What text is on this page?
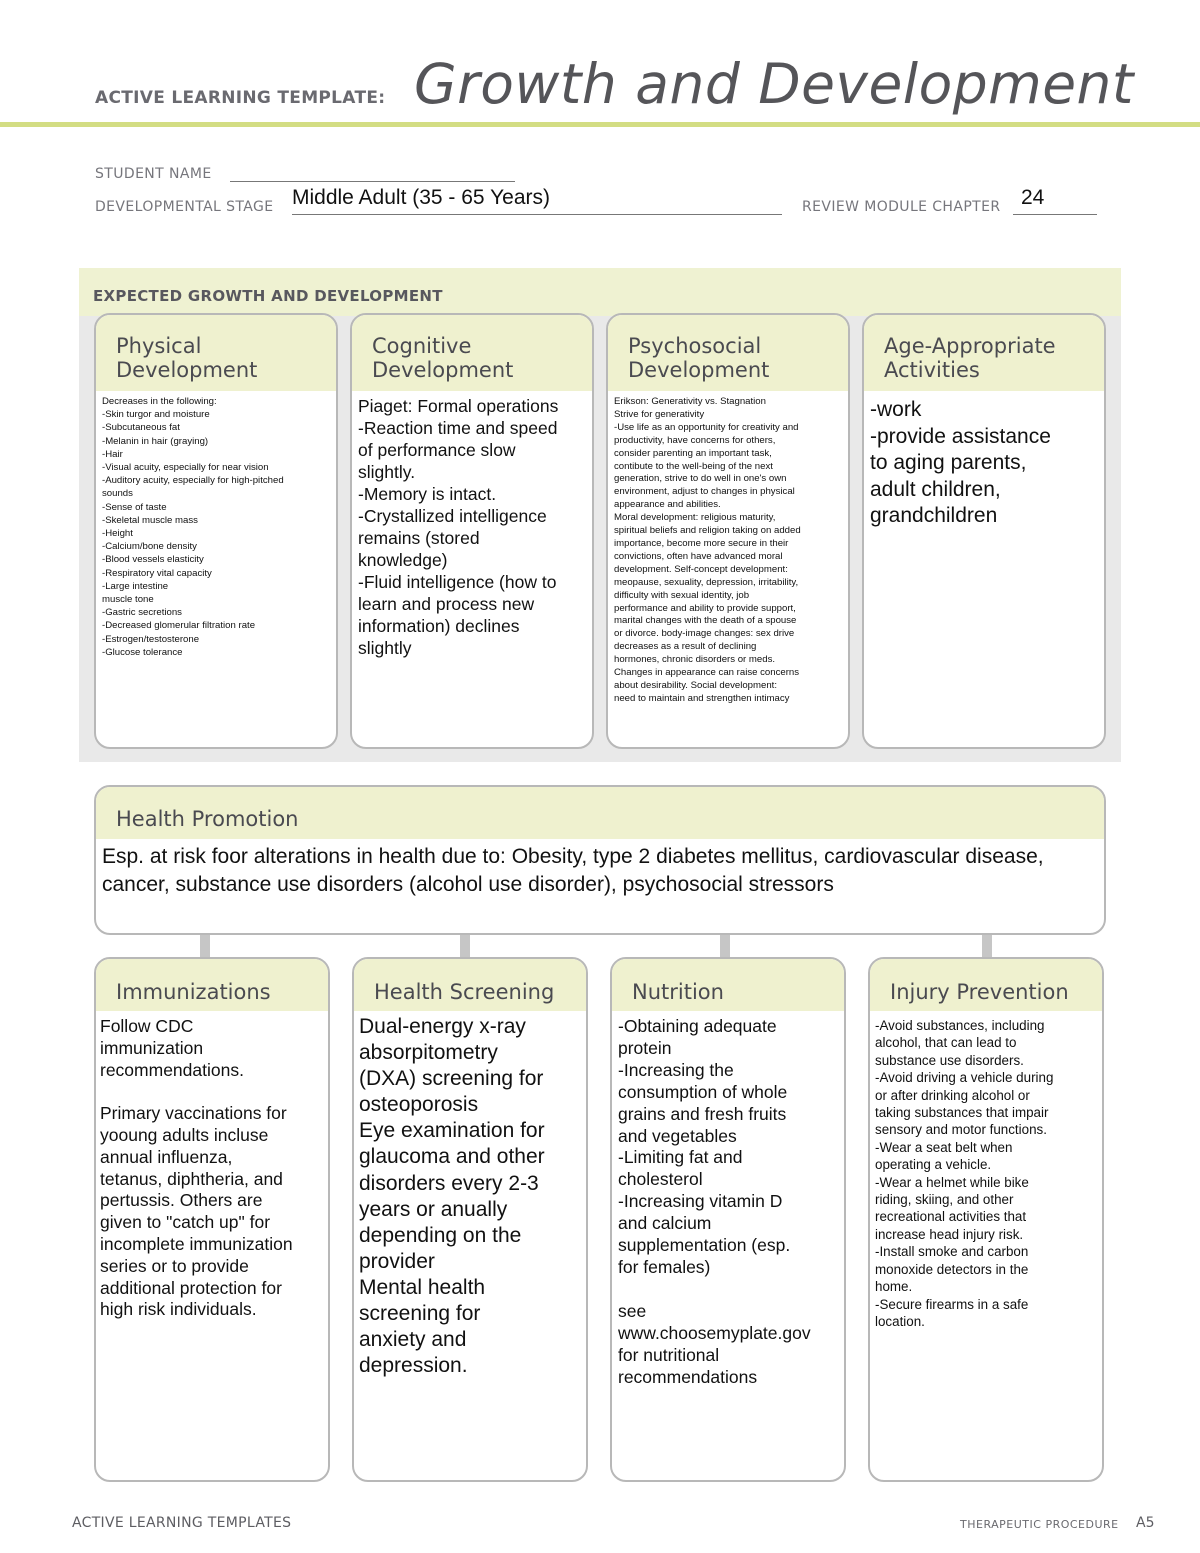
ACTIVE LEARNING TEMPLATE: Growth and Development
STUDENT NAME
DEVELOPMENTAL STAGE Middle Adult (35 - 65 Years)	REVIEW MODULE CHAPTER 24
EXPECTED GROWTH AND DEVELOPMENT
Physical
Development
Decreases in the following:
-Skin turgor and moisture
-Subcutaneous fat
-Melanin in hair (graying)
-Hair
-Visual acuity, especially for near vision
-Auditory acuity, especially for high-pitched
sounds
-Sense of taste
-Skeletal muscle mass
-Height
-Calcium/bone density
-Blood vessels elasticity
-Respiratory vital capacity
-Large intestine
muscle tone
-Gastric secretions
-Decreased glomerular filtration rate
-Estrogen/testosterone
-Glucose tolerance
Cognitive
Development
Piaget: Formal operations
-Reaction time and speed
of performance slow
slightly.
-Memory is intact.
-Crystallized intelligence
remains (stored
knowledge)
-Fluid intelligence (how to
learn and process new
information) declines
slightly
Psychosocial
Development
Erikson: Generativity vs. Stagnation
Strive for generativity
-Use life as an opportunity for creativity and
productivity, have concerns for others,
consider parenting an important task,
contibute to the well-being of the next
generation, strive to do well in one's own
environment, adjust to changes in physical
appearance and abilities.
Moral development: religious maturity,
spiritual beliefs and religion taking on added
importance, become more secure in their
convictions, often have advanced moral
development. Self-concept development:
meopause, sexuality, depression, irritability,
difficulty with sexual identity, job
performance and ability to provide support,
marital changes with the death of a spouse
or divorce. body-image changes: sex drive
decreases as a result of declining
hormones, chronic disorders or meds.
Changes in appearance can raise concerns
about desirability. Social development:
need to maintain and strengthen intimacy
Age-Appropriate
Activities
-work
-provide assistance
to aging parents,
adult children,
grandchildren
Health Promotion
Esp. at risk foor alterations in health due to: Obesity, type 2 diabetes mellitus, cardiovascular disease, cancer, substance use disorders (alcohol use disorder), psychosocial stressors
Immunizations
Follow CDC
immunization
recommendations.

Primary vaccinations for
yooung adults incluse
annual influenza,
tetanus, diphtheria, and
pertussis. Others are
given to "catch up" for
incomplete immunization
series or to provide
additional protection for
high risk individuals.
Health Screening
Dual-energy x-ray
absorpitometry
(DXA) screening for
osteoporosis
Eye examination for
glaucoma and other
disorders every 2-3
years or anually
depending on the
provider
Mental health
screening for
anxiety and
depression.
Nutrition
-Obtaining adequate
protein
-Increasing the
consumption of whole
grains and fresh fruits
and vegetables
-Limiting fat and
cholesterol
-Increasing vitamin D
and calcium
supplementation (esp.
for females)

see
www.choosemyplate.gov
for nutritional
recommendations
Injury Prevention
-Avoid substances, including
alcohol, that can lead to
substance use disorders.
-Avoid driving a vehicle during
or after drinking alcohol or
taking substances that impair
sensory and motor functions.
-Wear a seat belt when
operating a vehicle.
-Wear a helmet while bike
riding, skiing, and other
recreational activities that
increase head injury risk.
-Install smoke and carbon
monoxide detectors in the
home.
-Secure firearms in a safe
location.
ACTIVE LEARNING TEMPLATES	THERAPEUTIC PROCEDURE A5
